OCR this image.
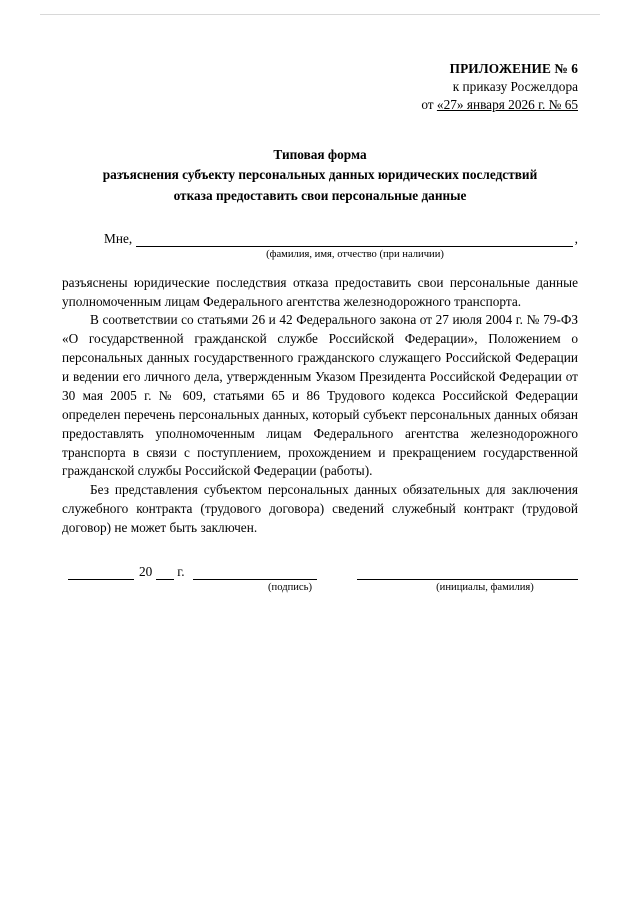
ПРИЛОЖЕНИЕ № 6
к приказу Росжелдора
от «27» января 2026 г. № 65
Типовая форма
разъяснения субъекту персональных данных юридических последствий
отказа предоставить свои персональные данные
Мне,	,
(фамилия, имя, отчество (при наличии)

разъяснены юридические последствия отказа предоставить свои персональные данные уполномоченным лицам Федерального агентства железнодорожного транспорта.

В соответствии со статьями 26 и 42 Федерального закона от 27 июля 2004 г. № 79-ФЗ «О государственной гражданской службе Российской Федерации», Положением о персональных данных государственного гражданского служащего Российской Федерации и ведении его личного дела, утвержденным Указом Президента Российской Федерации от 30 мая 2005 г. № 609, статьями 65 и 86 Трудового кодекса Российской Федерации определен перечень персональных данных, который субъект персональных данных обязан предоставлять уполномоченным лицам Федерального агентства железнодорожного транспорта в связи с поступлением, прохождением и прекращением государственной гражданской службы Российской Федерации (работы).

Без представления субъектом персональных данных обязательных для заключения служебного контракта (трудового договора) сведений служебный контракт (трудовой договор) не может быть заключен.

20 г.
(подпись)	(инициалы, фамилия)
